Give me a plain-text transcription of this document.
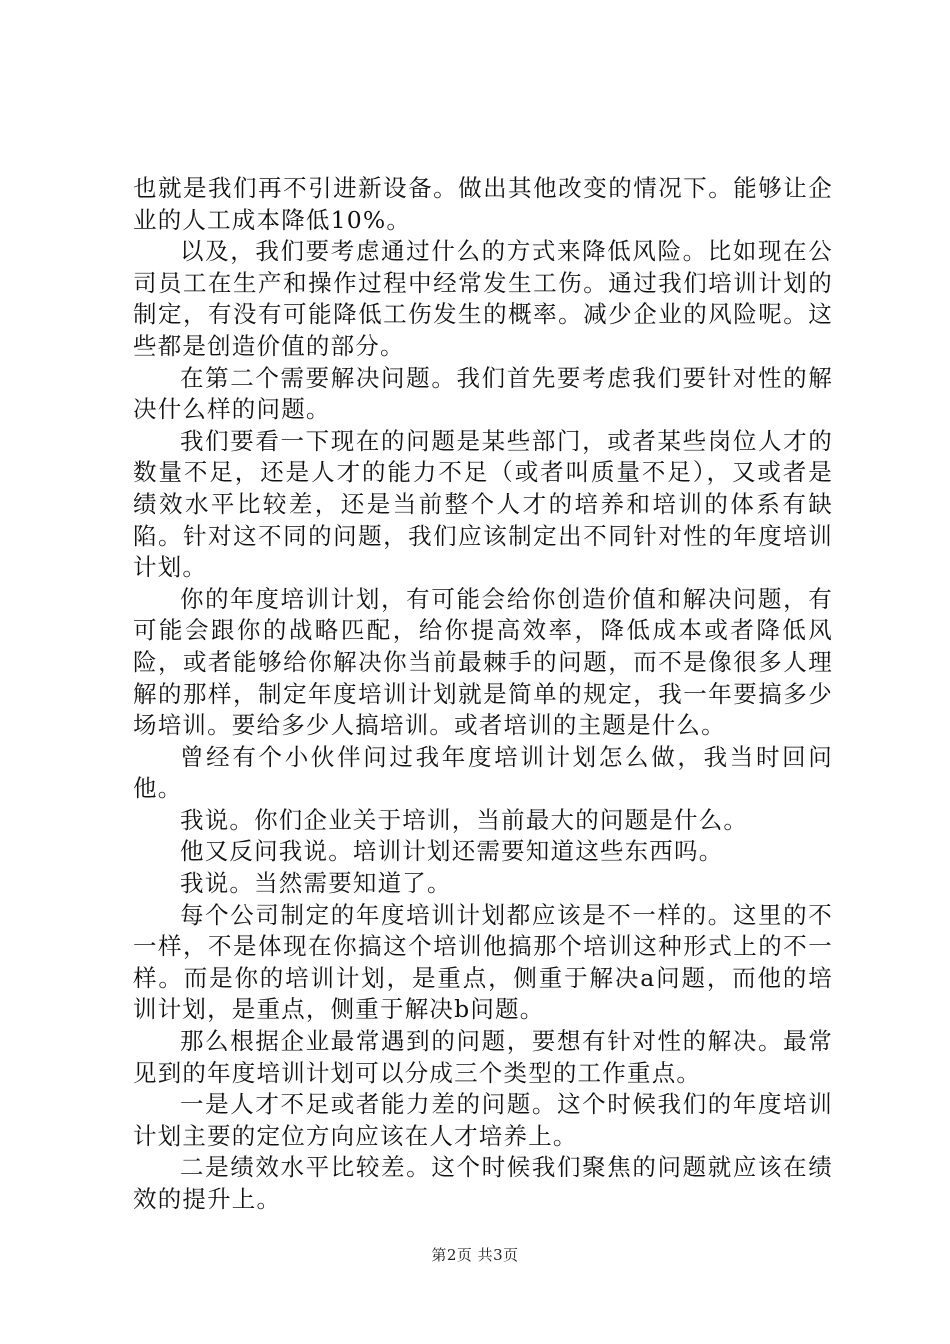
也就是我们再不引进新设备。做出其他改变的情况下。能够让企业的人工成本降低10%。

以及，我们要考虑通过什么的方式来降低风险。比如现在公司员工在生产和操作过程中经常发生工伤。通过我们培训计划的制定，有没有可能降低工伤发生的概率。减少企业的风险呢。这些都是创造价值的部分。

在第二个需要解决问题。我们首先要考虑我们要针对性的解决什么样的问题。

我们要看一下现在的问题是某些部门，或者某些岗位人才的数量不足，还是人才的能力不足（或者叫质量不足），又或者是绩效水平比较差，还是当前整个人才的培养和培训的体系有缺陷。针对这不同的问题，我们应该制定出不同针对性的年度培训计划。

你的年度培训计划，有可能会给你创造价值和解决问题，有可能会跟你的战略匹配，给你提高效率，降低成本或者降低风险，或者能够给你解决你当前最棘手的问题，而不是像很多人理解的那样，制定年度培训计划就是简单的规定，我一年要搞多少场培训。要给多少人搞培训。或者培训的主题是什么。

曾经有个小伙伴问过我年度培训计划怎么做，我当时回问他。

我说。你们企业关于培训，当前最大的问题是什么。

他又反问我说。培训计划还需要知道这些东西吗。

我说。当然需要知道了。

每个公司制定的年度培训计划都应该是不一样的。这里的不一样，不是体现在你搞这个培训他搞那个培训这种形式上的不一样。而是你的培训计划，是重点，侧重于解决a问题，而他的培训计划，是重点，侧重于解决b问题。

那么根据企业最常遇到的问题，要想有针对性的解决。最常见到的年度培训计划可以分成三个类型的工作重点。

一是人才不足或者能力差的问题。这个时候我们的年度培训计划主要的定位方向应该在人才培养上。

二是绩效水平比较差。这个时候我们聚焦的问题就应该在绩效的提升上。

第2页 共3页
